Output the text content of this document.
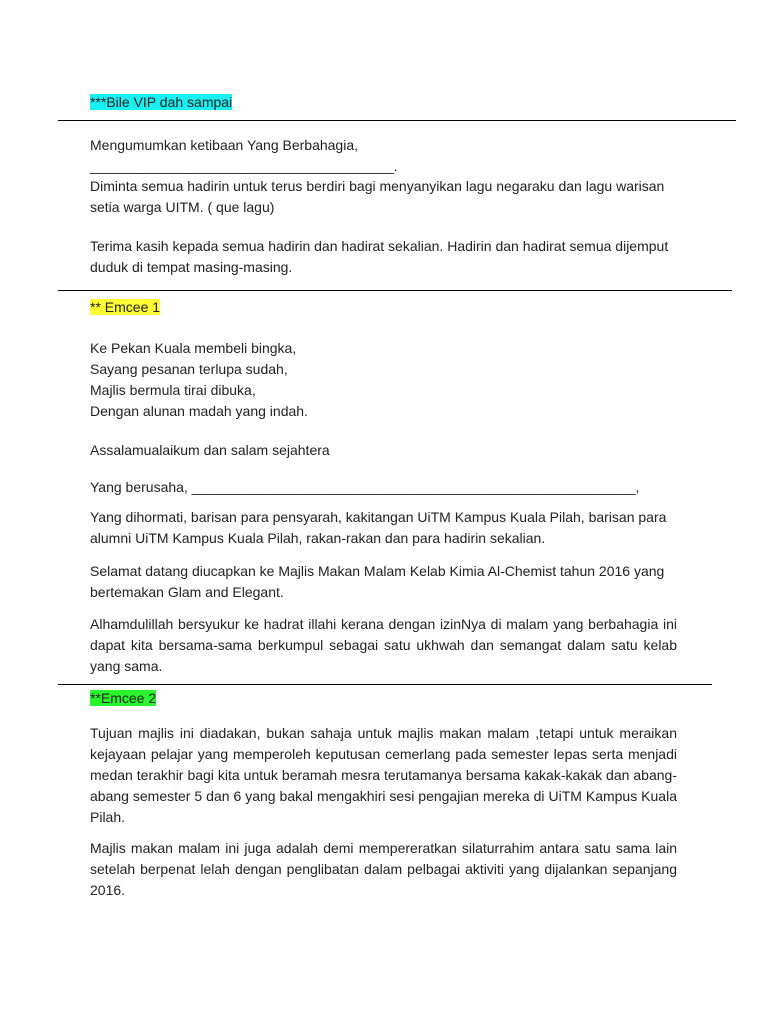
***Bile VIP dah sampai

Mengumumkan ketibaan Yang Berbahagia,
_______________________________________.

Diminta semua hadirin untuk terus berdiri bagi menyanyikan lagu negaraku dan lagu warisan setia warga UITM. ( que lagu)

Terima kasih kepada semua hadirin dan hadirat sekalian. Hadirin dan hadirat semua dijemput duduk di tempat masing-masing.

** Emcee 1

Ke Pekan Kuala membeli bingka,
Sayang pesanan terlupa sudah,
Majlis bermula tirai dibuka,
Dengan alunan madah yang indah.

Assalamualaikum dan salam sejahtera

Yang berusaha, _________________________________________________________,

Yang dihormati, barisan para pensyarah, kakitangan UiTM Kampus Kuala Pilah, barisan para alumni UiTM Kampus Kuala Pilah, rakan-rakan dan para hadirin sekalian.

Selamat datang diucapkan ke Majlis Makan Malam Kelab Kimia Al-Chemist tahun 2016 yang bertemakan Glam and Elegant.

Alhamdulillah bersyukur ke hadrat illahi kerana dengan izinNya di malam yang berbahagia ini dapat kita bersama-sama berkumpul sebagai satu ukhwah dan semangat dalam satu kelab yang sama.

**Emcee 2

Tujuan majlis ini diadakan, bukan sahaja untuk majlis makan malam ,tetapi untuk meraikan kejayaan pelajar yang memperoleh keputusan cemerlang pada semester lepas serta menjadi medan terakhir bagi kita untuk beramah mesra terutamanya bersama kakak-kakak dan abang-abang semester 5 dan 6 yang bakal mengakhiri sesi pengajian mereka di UiTM Kampus Kuala Pilah.

Majlis makan malam ini juga adalah demi mempereratkan silaturrahim antara satu sama lain setelah berpenat lelah dengan penglibatan dalam pelbagai aktiviti yang dijalankan sepanjang 2016.
